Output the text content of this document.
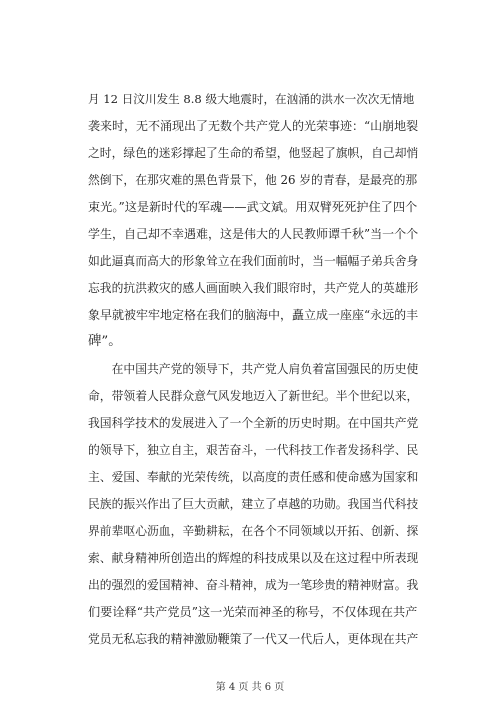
月 12 日汶川发生 8.8 级大地震时，在汹涌的洪水一次次无情地
袭来时，无不涌现出了无数个共产党人的光荣事迹：“山崩地裂
之时，绿色的迷彩撑起了生命的希望，他竖起了旗帜，自己却悄
然倒下，在那灾难的黑色背景下，他 26 岁的青春，是最亮的那
束光。”这是新时代的军魂——武文斌。用双臂死死护住了四个
学生，自己却不幸遇难，这是伟大的人民教师谭千秋”当一个个
如此逼真而高大的形象耸立在我们面前时，当一幅幅子弟兵舍身
忘我的抗洪救灾的感人画面映入我们眼帘时，共产党人的英雄形
象早就被牢牢地定格在我们的脑海中，矗立成一座座“永远的丰
碑”。
　　在中国共产党的领导下，共产党人肩负着富国强民的历史使
命，带领着人民群众意气风发地迈入了新世纪。半个世纪以来，
我国科学技术的发展进入了一个全新的历史时期。在中国共产党
的领导下，独立自主，艰苦奋斗，一代科技工作者发扬科学、民
主、爱国、奉献的光荣传统，以高度的责任感和使命感为国家和
民族的振兴作出了巨大贡献，建立了卓越的功勋。我国当代科技
界前辈呕心沥血，辛勤耕耘，在各个不同领域以开拓、创新、探
索、献身精神所创造出的辉煌的科技成果以及在这过程中所表现
出的强烈的爱国精神、奋斗精神，成为一笔珍贵的精神财富。我
们要诠释“共产党员”这一光荣而神圣的称号，不仅体现在共产
党员无私忘我的精神激励鞭策了一代又一代后人，更体现在共产
第 4 页 共 6 页
